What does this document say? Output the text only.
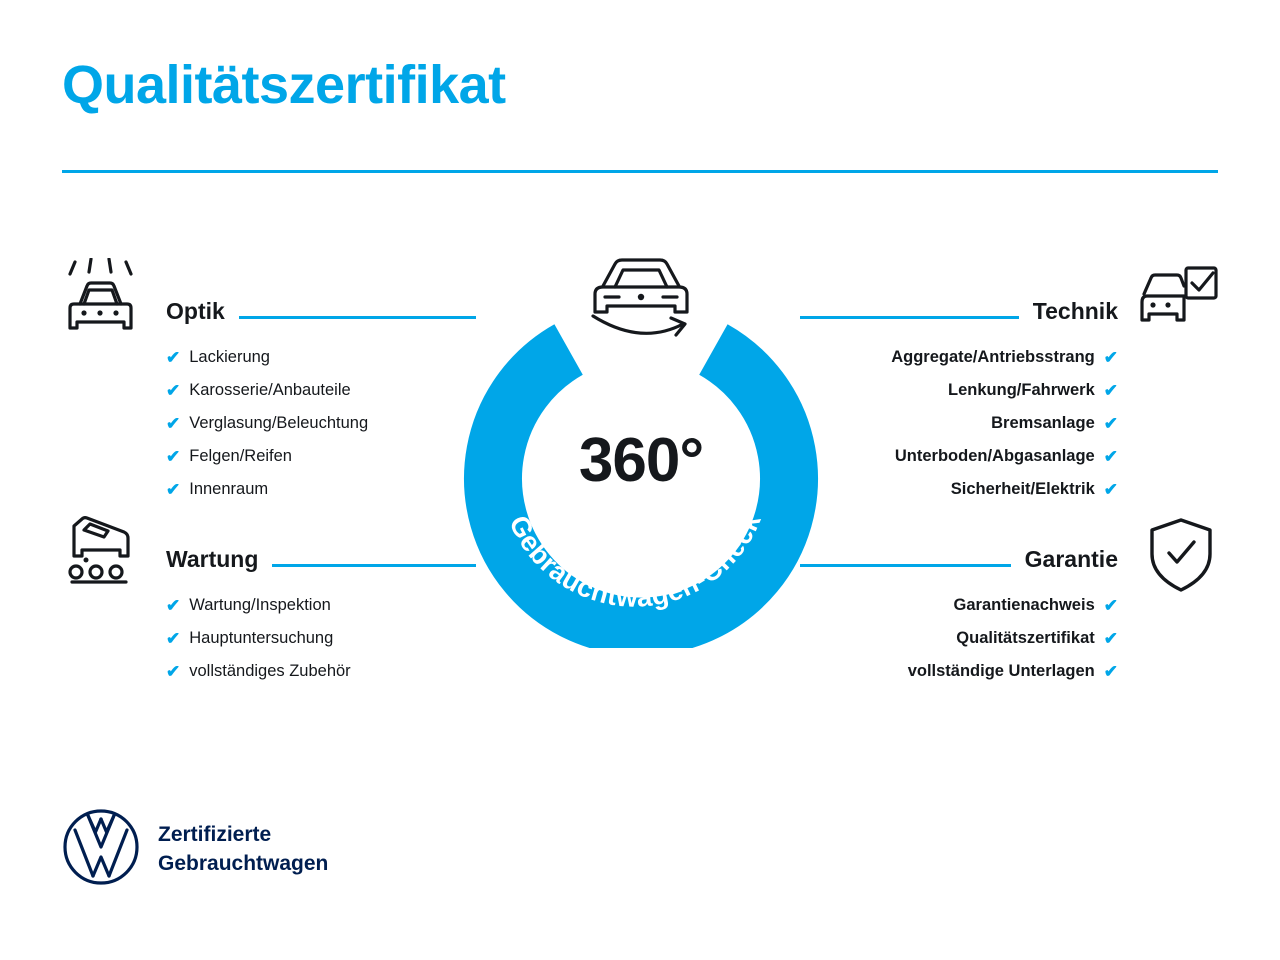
Qualitätszertifikat
Gebrauchtwagen-Check
360°
Optik
✔ Lackierung
✔ Karosserie/Anbauteile
✔ Verglasung/Beleuchtung
✔ Felgen/Reifen
✔ Innenraum
Wartung
✔ Wartung/Inspektion
✔ Hauptuntersuchung
✔ vollständiges Zubehör
Technik
Aggregate/Antriebsstrang ✔
Lenkung/Fahrwerk ✔
Bremsanlage ✔
Unterboden/Abgasanlage ✔
Sicherheit/Elektrik ✔
Garantie
Garantienachweis ✔
Qualitätszertifikat ✔
vollständige Unterlagen ✔
Zertifizierte
Gebrauchtwagen
